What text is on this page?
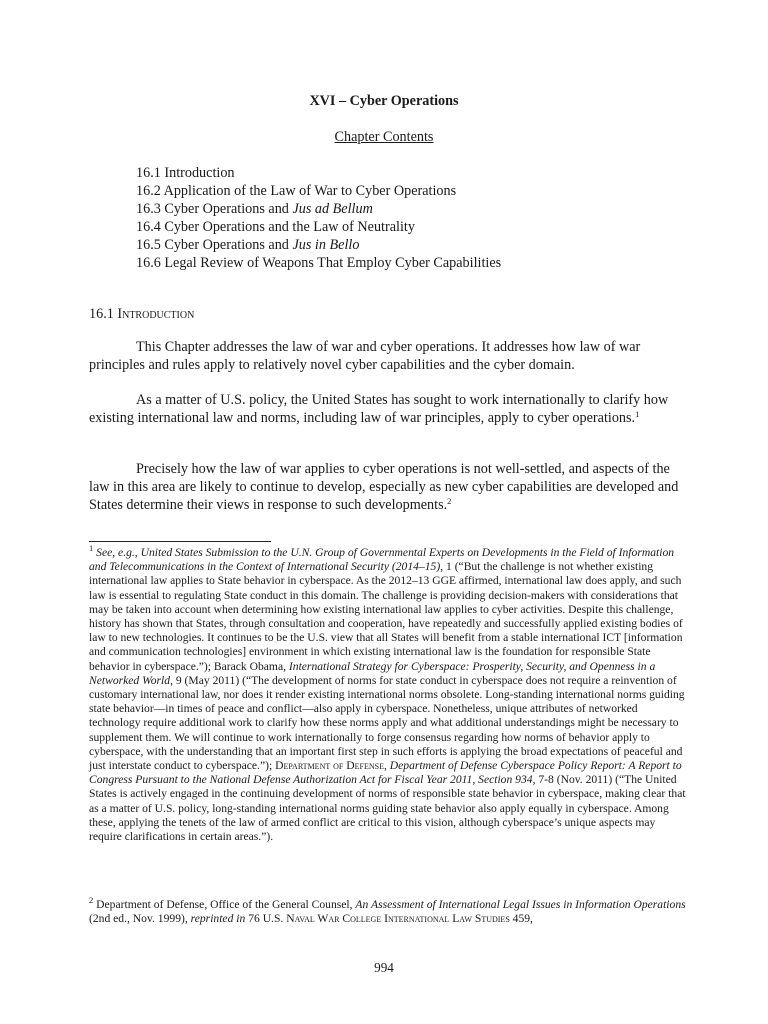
XVI – Cyber Operations
Chapter Contents
16.1 Introduction
16.2 Application of the Law of War to Cyber Operations
16.3 Cyber Operations and Jus ad Bellum
16.4 Cyber Operations and the Law of Neutrality
16.5 Cyber Operations and Jus in Bello
16.6 Legal Review of Weapons That Employ Cyber Capabilities
16.1 Introduction

This Chapter addresses the law of war and cyber operations. It addresses how law of war principles and rules apply to relatively novel cyber capabilities and the cyber domain.

As a matter of U.S. policy, the United States has sought to work internationally to clarify how existing international law and norms, including law of war principles, apply to cyber operations.$^1$

Precisely how the law of war applies to cyber operations is not well-settled, and aspects of the law in this area are likely to continue to develop, especially as new cyber capabilities are developed and States determine their views in response to such developments.$^2$

$^1$ See, e.g., United States Submission to the U.N. Group of Governmental Experts on Developments in the Field of Information and Telecommunications in the Context of International Security (2014–15), 1 (“But the challenge is not whether existing international law applies to State behavior in cyberspace. As the 2012–13 GGE affirmed, international law does apply, and such law is essential to regulating State conduct in this domain. The challenge is providing decision-makers with considerations that may be taken into account when determining how existing international law applies to cyber activities. Despite this challenge, history has shown that States, through consultation and cooperation, have repeatedly and successfully applied existing bodies of law to new technologies. It continues to be the U.S. view that all States will benefit from a stable international ICT [information and communication technologies] environment in which existing international law is the foundation for responsible State behavior in cyberspace.”); Barack Obama, International Strategy for Cyberspace: Prosperity, Security, and Openness in a Networked World, 9 (May 2011) (“The development of norms for state conduct in cyberspace does not require a reinvention of customary international law, nor does it render existing international norms obsolete. Long-standing international norms guiding state behavior—in times of peace and conflict—also apply in cyberspace. Nonetheless, unique attributes of networked technology require additional work to clarify how these norms apply and what additional understandings might be necessary to supplement them. We will continue to work internationally to forge consensus regarding how norms of behavior apply to cyberspace, with the understanding that an important first step in such efforts is applying the broad expectations of peaceful and just interstate conduct to cyberspace.”); Department of Defense, Department of Defense Cyberspace Policy Report: A Report to Congress Pursuant to the National Defense Authorization Act for Fiscal Year 2011, Section 934, 7-8 (Nov. 2011) (“The United States is actively engaged in the continuing development of norms of responsible state behavior in cyberspace, making clear that as a matter of U.S. policy, long-standing international norms guiding state behavior also apply equally in cyberspace. Among these, applying the tenets of the law of armed conflict are critical to this vision, although cyberspace’s unique aspects may require clarifications in certain areas.”).

$^2$ Department of Defense, Office of the General Counsel, An Assessment of International Legal Issues in Information Operations (2nd ed., Nov. 1999), reprinted in 76 U.S. Naval War College International Law Studies 459,

994
